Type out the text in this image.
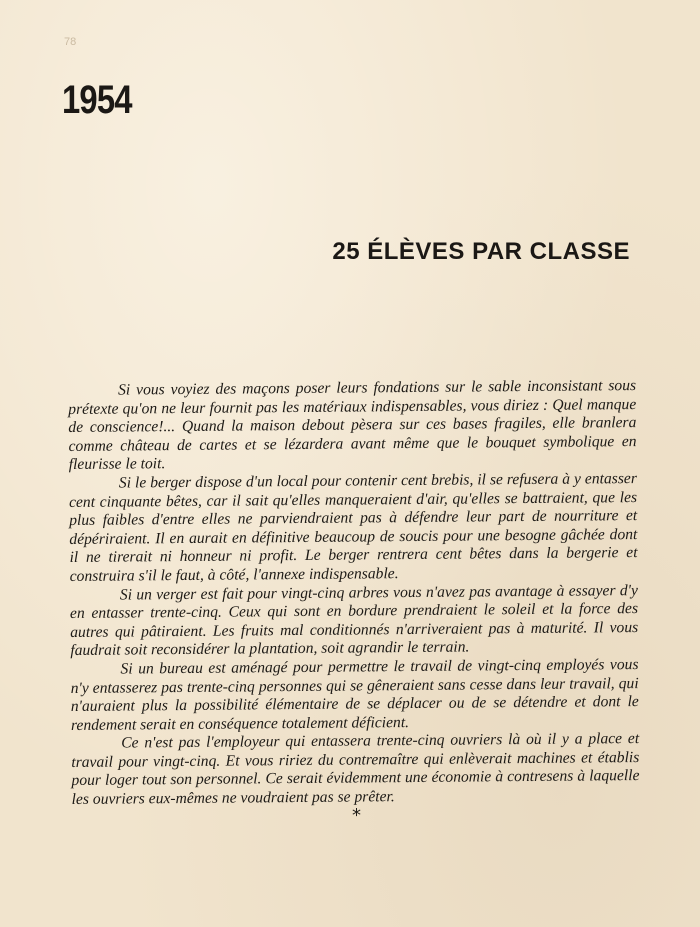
78
1954
25 ÉLÈVES PAR CLASSE

Si vous voyiez des maçons poser leurs fondations sur le sable inconsistant sous prétexte qu'on ne leur fournit pas les matériaux indispensables, vous diriez : Quel manque de conscience!... Quand la maison debout pèsera sur ces bases fragiles, elle branlera comme château de cartes et se lézardera avant même que le bouquet symbolique en fleurisse le toit.

Si le berger dispose d'un local pour contenir cent brebis, il se refusera à y entasser cent cinquante bêtes, car il sait qu'elles manqueraient d'air, qu'elles se battraient, que les plus faibles d'entre elles ne parviendraient pas à défendre leur part de nourriture et dépériraient. Il en aurait en définitive beaucoup de soucis pour une besogne gâchée dont il ne tirerait ni honneur ni profit. Le berger rentrera cent bêtes dans la bergerie et construira s'il le faut, à côté, l'annexe indispensable.

Si un verger est fait pour vingt-cinq arbres vous n'avez pas avantage à essayer d'y en entasser trente-cinq. Ceux qui sont en bordure prendraient le soleil et la force des autres qui pâtiraient. Les fruits mal conditionnés n'arriveraient pas à maturité. Il vous faudrait soit reconsidérer la plantation, soit agrandir le terrain.

Si un bureau est aménagé pour permettre le travail de vingt-cinq employés vous n'y entasserez pas trente-cinq personnes qui se gêneraient sans cesse dans leur travail, qui n'auraient plus la possibilité élémentaire de se déplacer ou de se détendre et dont le rendement serait en conséquence totalement déficient.

Ce n'est pas l'employeur qui entassera trente-cinq ouvriers là où il y a place et travail pour vingt-cinq. Et vous ririez du contremaître qui enlèverait machines et établis pour loger tout son personnel. Ce serait évidemment une économie à contresens à laquelle les ouvriers eux-mêmes ne voudraient pas se prêter.

*
